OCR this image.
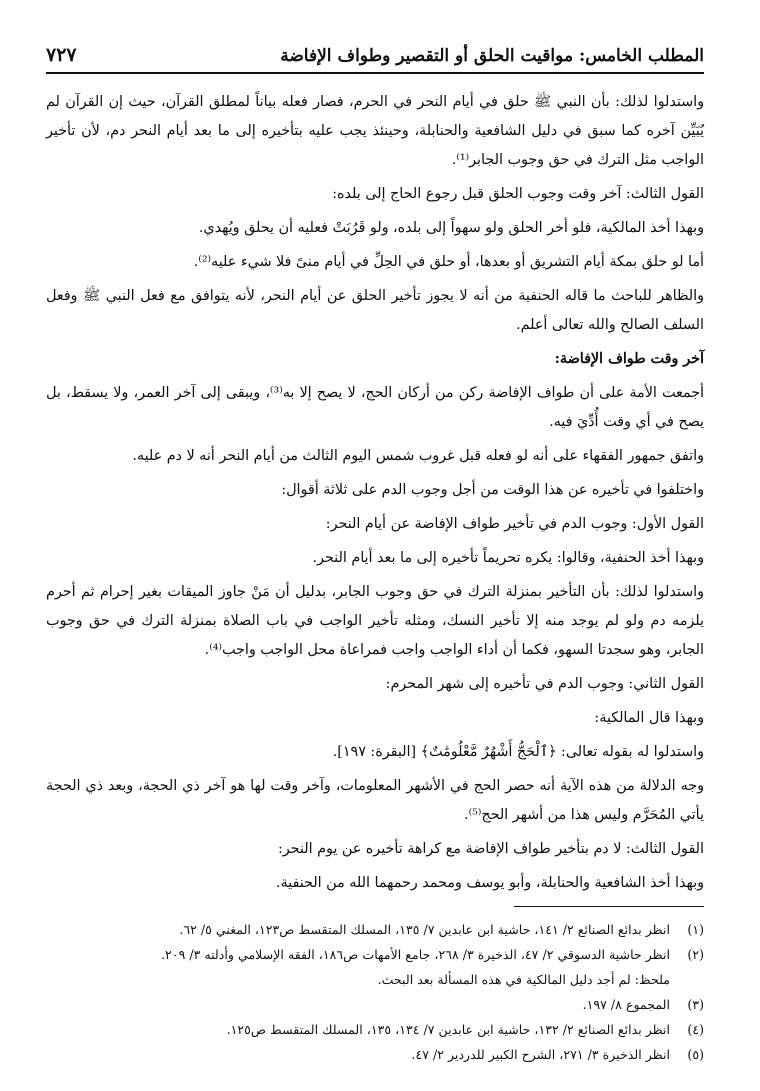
المطلب الخامس: مواقيت الحلق أو التقصير وطواف الإفاضة
٧٢٧

واستدلوا لذلك: بأن النبي ﷺ حلق في أيام النحر في الحرم، فصار فعله بياناً لمطلق القرآن، حيث إن القرآن لم يُبَيِّن آخره كما سبق في دليل الشافعية والحنابلة، وحينئذ يجب عليه بتأخيره إلى ما بعد أيام النحر دم، لأن تأخير الواجب مثل الترك في حق وجوب الجابر⁽¹⁾.

القول الثالث: آخر وقت وجوب الحلق قبل رجوع الحاج إلى بلده:

وبهذا أخذ المالكية، فلو أخر الحلق ولو سهواً إلى بلده، ولو قَرُبَتْ فعليه أن يحلق ويُهدي.

أما لو حلق بمكة أيام التشريق أو بعدها، أو حلق في الحِلِّ في أيام منىً فلا شيء عليه⁽²⁾.

والظاهر للباحث ما قاله الحنفية من أنه لا يجوز تأخير الحلق عن أيام النحر، لأنه يتوافق مع فعل النبي ﷺ وفعل السلف الصالح والله تعالى أعلم.

آخر وقت طواف الإفاضة:

أجمعت الأمة على أن طواف الإفاضة ركن من أركان الحج، لا يصح إلا به⁽³⁾، ويبقى إلى آخر العمر، ولا يسقط، بل يصح في أي وقت أُدِّيَ فيه.

واتفق جمهور الفقهاء على أنه لو فعله قبل غروب شمس اليوم الثالث من أيام النحر أنه لا دم عليه.

واختلفوا في تأخيره عن هذا الوقت من أجل وجوب الدم على ثلاثة أقوال:

القول الأول: وجوب الدم في تأخير طواف الإفاضة عن أيام النحر:

وبهذا أخذ الحنفية، وقالوا: يكره تحريماً تأخيره إلى ما بعد أيام النحر.

واستدلوا لذلك: بأن التأخير بمنزلة الترك في حق وجوب الجابر، بدليل أن مَنْ جاوز الميقات بغير إحرام ثم أحرم يلزمه دم ولو لم يوجد منه إلا تأخير النسك، ومثله تأخير الواجب في باب الصلاة بمنزلة الترك في حق وجوب الجابر، وهو سجدتا السهو، فكما أن أداء الواجب واجب فمراعاة محل الواجب واجب⁽⁴⁾.

القول الثاني: وجوب الدم في تأخيره إلى شهر المحرم:

وبهذا قال المالكية:

واستدلوا له بقوله تعالى: ﴿ٱلْحَجُّ أَشْهُرٌ مَّعْلُومَٰتٌ﴾ [البقرة: ١٩٧].

وجه الدلالة من هذه الآية أنه حصر الحج في الأشهر المعلومات، وآخر وقت لها هو آخر ذي الحجة، وبعد ذي الحجة يأتي المُحَرَّم وليس هذا من أشهر الحج⁽⁵⁾.

القول الثالث: لا دم بتأخير طواف الإفاضة مع كراهة تأخيره عن يوم النحر:

وبهذا أخذ الشافعية والحنابلة، وأبو يوسف ومحمد رحمهما الله من الحنفية.

(١)
انظر بدائع الصنائع ٢/ ١٤١، حاشية ابن عابدين ٧/ ١٣٥، المسلك المتقسط ص١٢٣، المغني ٥/ ٦٢.
(٢)
انظر حاشية الدسوقي ٢/ ٤٧، الذخيرة ٣/ ٢٦٨، جامع الأمهات ص١٨٦، الفقه الإسلامي وأدلته ٣/ ٢٠٩.
ملحظ: لم أجد دليل المالكية في هذه المسألة بعد البحث.
(٣)
المجموع ٨/ ١٩٧.
(٤)
انظر بدائع الصنائع ٢/ ١٣٢، حاشية ابن عابدين ٧/ ١٣٤، ١٣٥، المسلك المتقسط ص١٢٥.
(٥)
انظر الذخيرة ٣/ ٢٧١، الشرح الكبير للدردير ٢/ ٤٧.
